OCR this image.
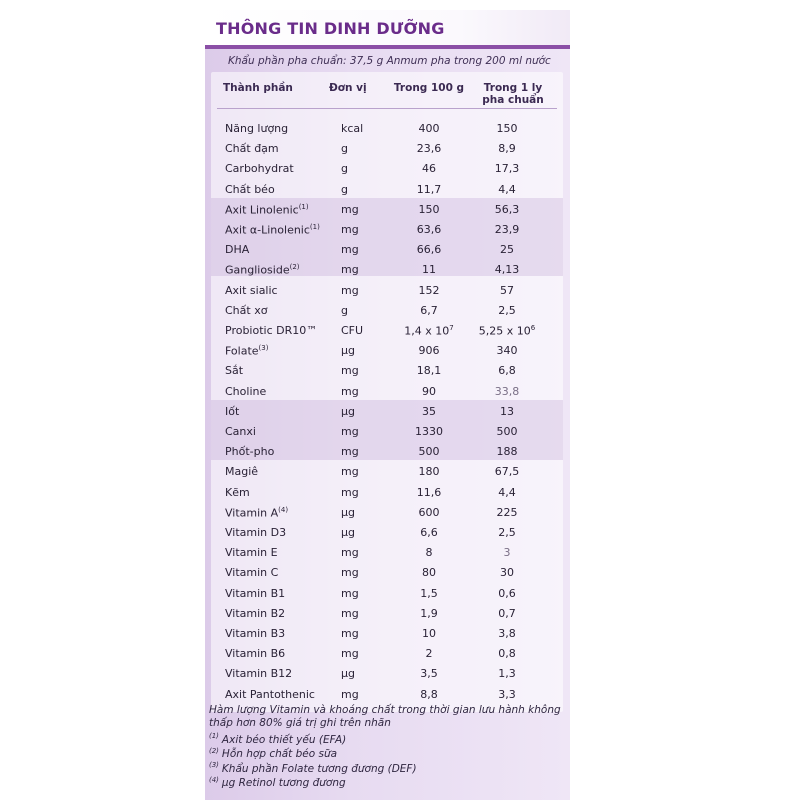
THÔNG TIN DINH DƯỠNG
Khẩu phần pha chuẩn: 37,5 g Anmum pha trong 200 ml nước
Thành phần	Đơn vị	Trong 100 g	Trong 1 ly
pha chuẩn
Năng lượng	kcal	400	150
Chất đạm	g	23,6	8,9
Carbohydrat	g	46	17,3
Chất béo	g	11,7	4,4
Axit Linolenic$^{(1)}$	mg	150	56,3
Axit α-Linolenic$^{(1)}$ mg	63,6	23,9
DHA	mg	66,6	25
Ganglioside$^{(2)}$	mg	11	4,13
Axit sialic	mg	152	57
Chất xơ	g	6,7	2,5
Probiotic DR10™ CFU	1,4 x $10^7$	5,25 x $10^6$
Folate$^{(3)}$	µg	906	340
Sắt	mg	18,1	6,8
Choline	mg	90	33,8
Iốt	µg	35	13
Canxi	mg	1330	500
Phốt-pho	mg	500	188
Magiê	mg	180	67,5
Kẽm	mg	11,6	4,4
Vitamin $A^{(4)}$	µg	600	225
Vitamin D3	µg	6,6	2,5
Vitamin E	mg	8	3
Vitamin C	mg	80	30
Vitamin B1	mg	1,5	0,6
Vitamin B2	mg	1,9	0,7
Vitamin B3	mg	10	3,8
Vitamin B6	mg	2	0,8
Vitamin B12	µg	3,5	1,3
Axit Pantothenic mg	8,8	3,3
Hàm lượng Vitamin và khoáng chất trong thời gian lưu hành không thấp hơn 80% giá trị ghi trên nhãn
$^{(1)}$ Axit béo thiết yếu (EFA)
$^{(2)}$ Hỗn hợp chất béo sữa
$^{(3)}$ Khẩu phần Folate tương đương (DEF)
$^{(4)}$ µg Retinol tương đương
